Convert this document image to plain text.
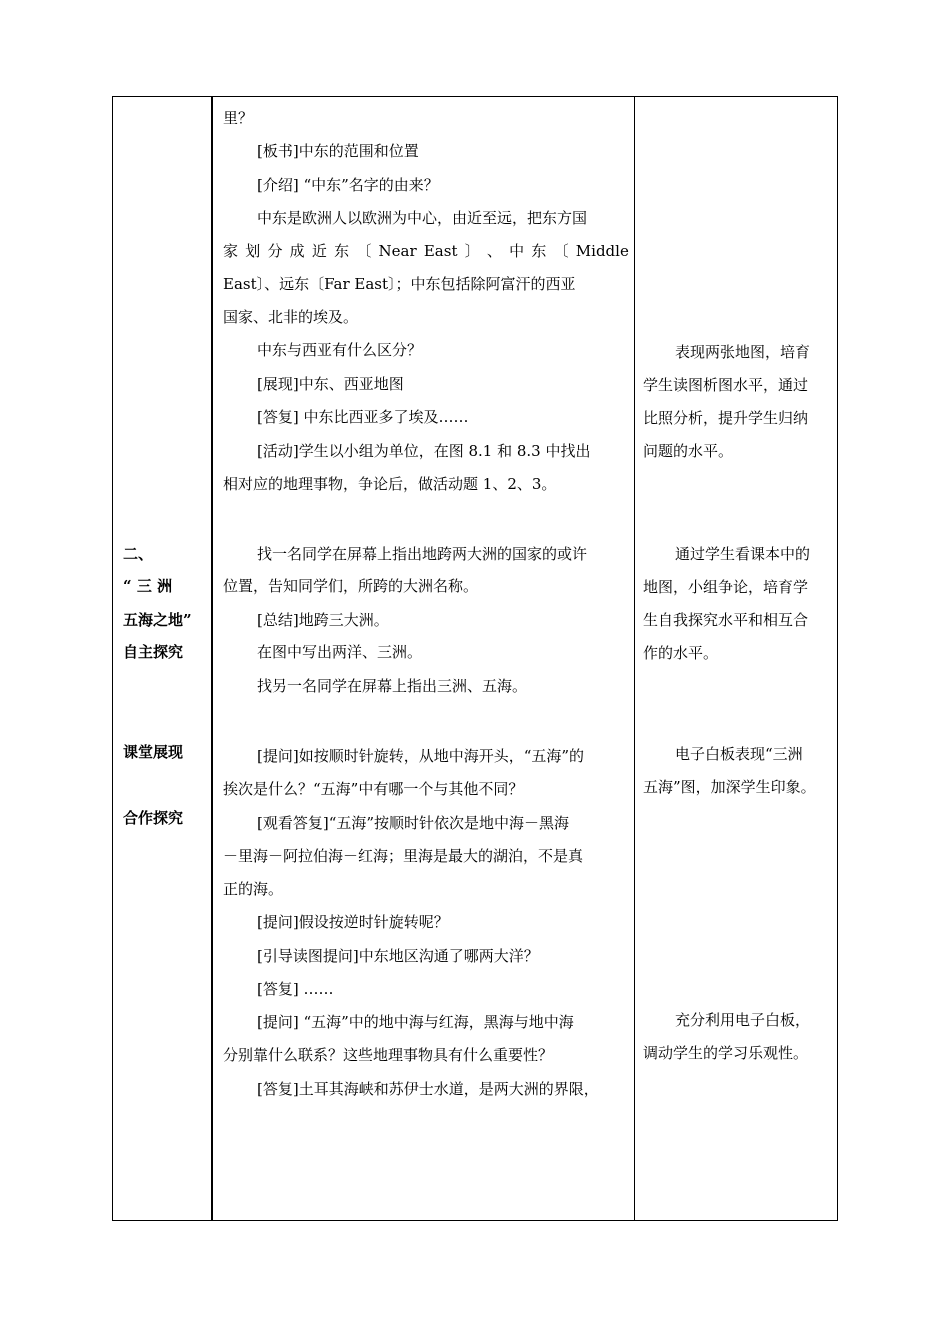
二、
“ 三 洲
五海之地”
自主探究
课堂展现
合作探究
里？
[板书]中东的范围和位置
[介绍] “中东”名字的由来？
中东是欧洲人以欧洲为中心，由近至远，把东方国
家 划 分 成 近 东 〔 Near East 〕 、 中 东 〔 Middle
East〕、远东〔Far East〕；中东包括除阿富汗的西亚
国家、北非的埃及。
中东与西亚有什么区分？
[展现]中东、西亚地图
[答复] 中东比西亚多了埃及……
[活动]学生以小组为单位，在图 8.1 和 8.3 中找出
相对应的地理事物，争论后，做活动题 1、2、3。
找一名同学在屏幕上指出地跨两大洲的国家的或许
位置，告知同学们，所跨的大洲名称。
[总结]地跨三大洲。
在图中写出两洋、三洲。
找另一名同学在屏幕上指出三洲、五海。
[提问]如按顺时针旋转，从地中海开头，“五海”的
挨次是什么？“五海”中有哪一个与其他不同？
[观看答复]“五海”按顺时针依次是地中海－黑海
－里海－阿拉伯海－红海；里海是最大的湖泊，不是真
正的海。
[提问]假设按逆时针旋转呢？
[引导读图提问]中东地区沟通了哪两大洋？
[答复] ……
[提问] “五海”中的地中海与红海，黑海与地中海
分别靠什么联系？这些地理事物具有什么重要性？
[答复]土耳其海峡和苏伊士水道，是两大洲的界限，
表现两张地图，培育
学生读图析图水平，通过
比照分析，提升学生归纳
问题的水平。
通过学生看课本中的
地图，小组争论，培育学
生自我探究水平和相互合
作的水平。
电子白板表现“三洲
五海”图，加深学生印象。
充分利用电子白板，
调动学生的学习乐观性。
